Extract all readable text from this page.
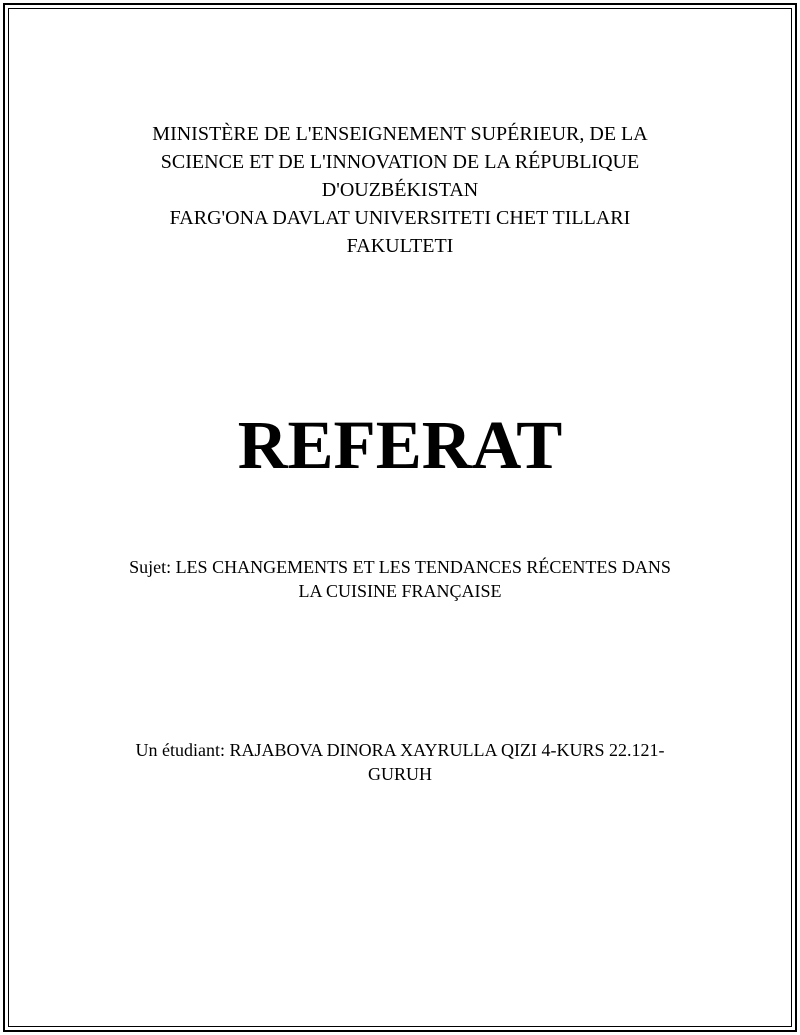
MINISTÈRE DE L'ENSEIGNEMENT SUPÉRIEUR, DE LA
SCIENCE ET DE L'INNOVATION DE LA RÉPUBLIQUE
D'OUZBÉKISTAN
FARG'ONA DAVLAT UNIVERSITETI CHET TILLARI
FAKULTETI
REFERAT
Sujet: LES CHANGEMENTS ET LES TENDANCES RÉCENTES DANS
LA CUISINE FRANÇAISE
Un étudiant: RAJABOVA DINORA XAYRULLA QIZI 4-KURS 22.121-
GURUH
